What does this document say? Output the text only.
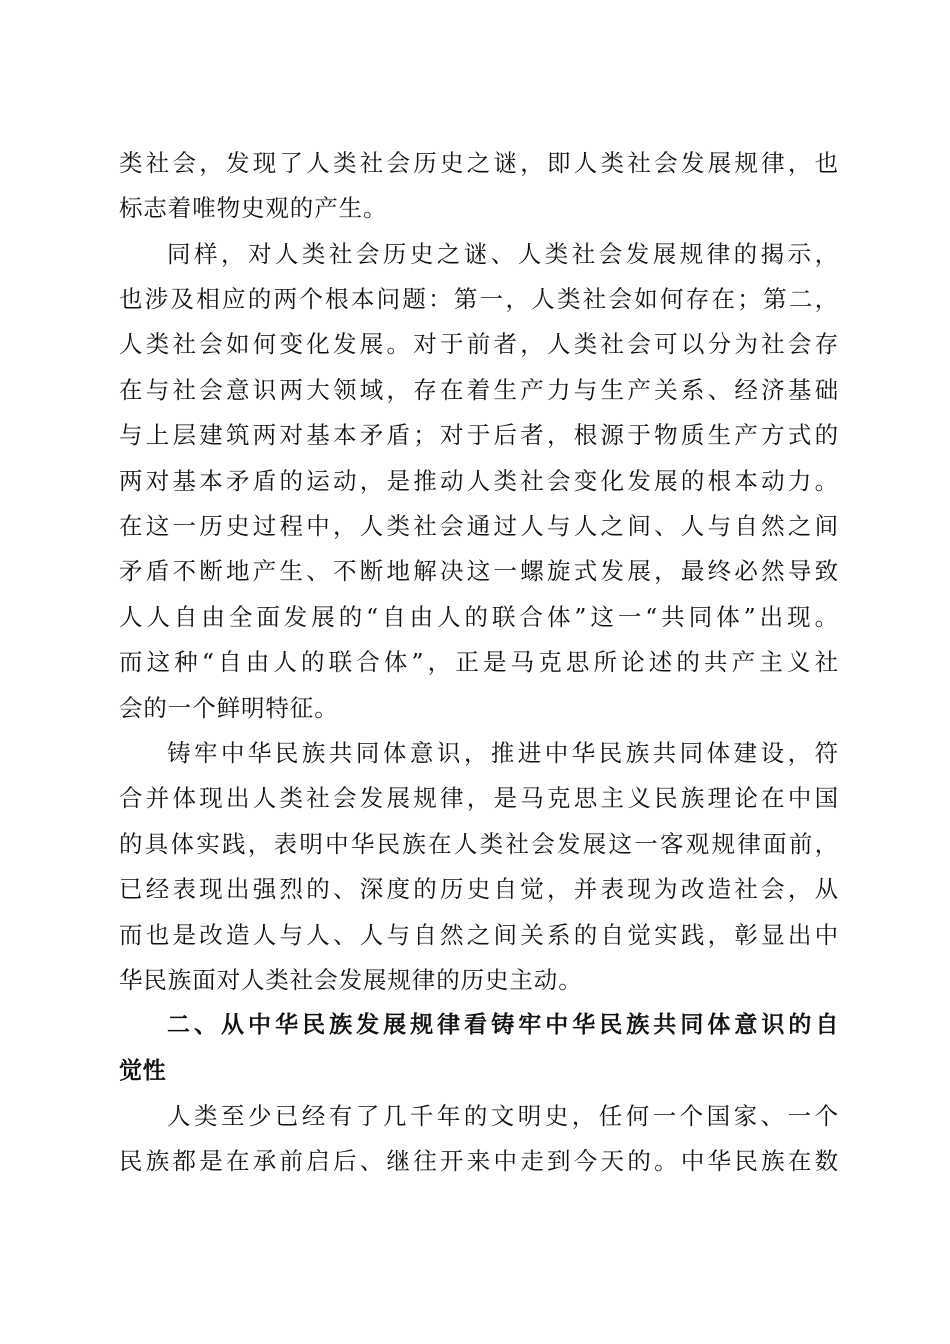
类社会，发现了人类社会历史之谜，即人类社会发展规律，也
标志着唯物史观的产生。
同样，对人类社会历史之谜、人类社会发展规律的揭示，
也涉及相应的两个根本问题：第一，人类社会如何存在；第二，
人类社会如何变化发展。对于前者，人类社会可以分为社会存
在与社会意识两大领域，存在着生产力与生产关系、经济基础
与上层建筑两对基本矛盾；对于后者，根源于物质生产方式的
两对基本矛盾的运动，是推动人类社会变化发展的根本动力。
在这一历史过程中，人类社会通过人与人之间、人与自然之间
矛盾不断地产生、不断地解决这一螺旋式发展，最终必然导致
人人自由全面发展的“自由人的联合体”这一“共同体”出现。
而这种“自由人的联合体”，正是马克思所论述的共产主义社
会的一个鲜明特征。
铸牢中华民族共同体意识，推进中华民族共同体建设，符
合并体现出人类社会发展规律，是马克思主义民族理论在中国
的具体实践，表明中华民族在人类社会发展这一客观规律面前，
已经表现出强烈的、深度的历史自觉，并表现为改造社会，从
而也是改造人与人、人与自然之间关系的自觉实践，彰显出中
华民族面对人类社会发展规律的历史主动。
二、从中华民族发展规律看铸牢中华民族共同体意识的自
觉性
人类至少已经有了几千年的文明史，任何一个国家、一个
民族都是在承前启后、继往开来中走到今天的。中华民族在数
